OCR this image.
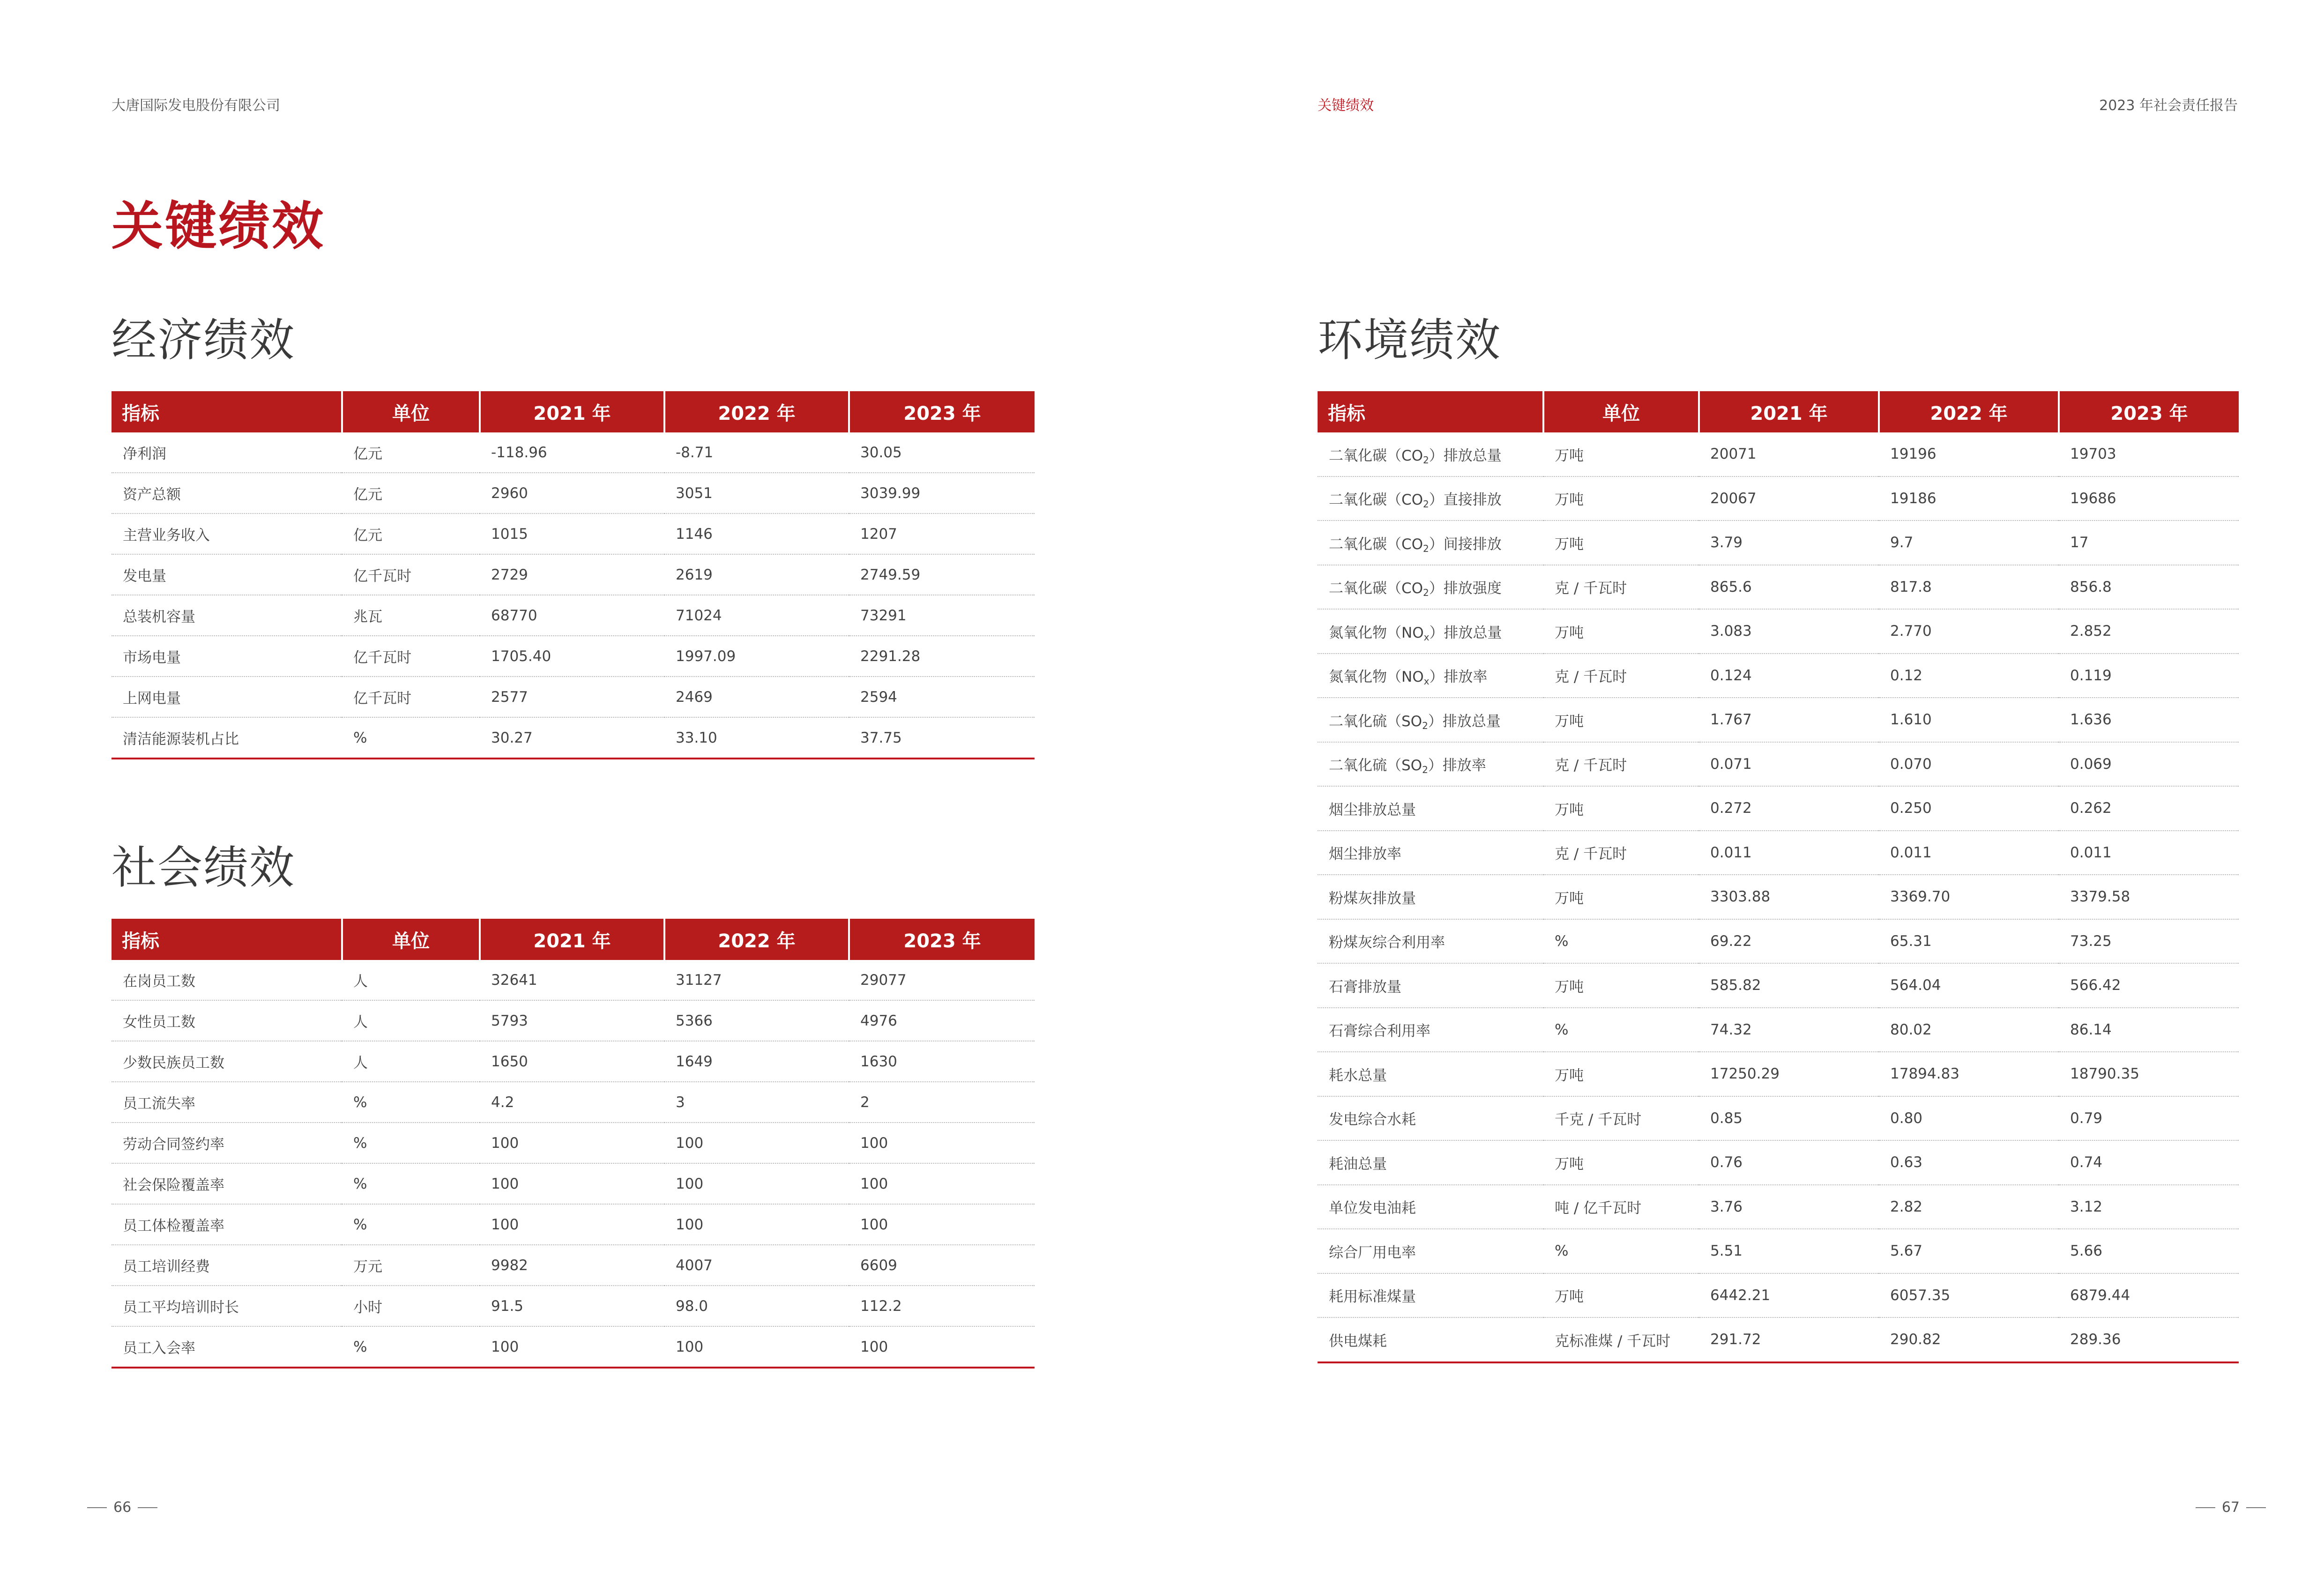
大唐国际发电股份有限公司	关键绩效	2023 年社会责任报告
关键绩效
经济绩效
社会绩效
环境绩效
指标	单位	2021 年	2022 年	2023 年
净利润	亿元	-118.96	-8.71	30.05
资产总额	亿元	2960	3051	3039.99
主营业务收入	亿元	1015	1146	1207
发电量	亿千瓦时	2729	2619	2749.59
总装机容量	兆瓦	68770	71024	73291
市场电量	亿千瓦时	1705.40	1997.09	2291.28
上网电量	亿千瓦时	2577	2469	2594
清洁能源装机占比	%	30.27	33.10	37.75
指标	单位	2021 年	2022 年	2023 年
在岗员工数	人	32641	31127	29077
女性员工数	人	5793	5366	4976
少数民族员工数	人	1650	1649	1630
员工流失率	%	4.2	3	2
劳动合同签约率	%	100	100	100
社会保险覆盖率	%	100	100	100
员工体检覆盖率	%	100	100	100
员工培训经费	万元	9982	4007	6609
员工平均培训时长	小时	91.5	98.0	112.2
员工入会率	%	100	100	100
指标	单位	2021 年	2022 年	2023 年
二氧化碳$(CO_2)$排放总量	万吨	20071	19196	19703
二氧化碳$(CO_2)$直接排放	万吨	20067	19186	19686
二氧化碳$(CO_2)$间接排放	万吨	3.79	9.7	17
二氧化碳$(CO_2)$排放强度	克 / 千瓦时	865.6	817.8	856.8
氮氧化物$(NO_x)$排放总量	万吨	3.083	2.770	2.852
氮氧化物$(NO_x)$排放率	克 / 千瓦时	0.124	0.12	0.119
二氧化硫$(SO_2)$排放总量	万吨	1.767	1.610	1.636
二氧化硫$(SO_2)$排放率	克 / 千瓦时	0.071	0.070	0.069
烟尘排放总量	万吨	0.272	0.250	0.262
烟尘排放率	克 / 千瓦时	0.011	0.011	0.011
粉煤灰排放量	万吨	3303.88	3369.70	3379.58
粉煤灰综合利用率	%	69.22	65.31	73.25
石膏排放量	万吨	585.82	564.04	566.42
石膏综合利用率	%	74.32	80.02	86.14
耗水总量	万吨	17250.29	17894.83	18790.35
发电综合水耗	千克 / 千瓦时	0.85	0.80	0.79
耗油总量	万吨	0.76	0.63	0.74
单位发电油耗	吨 / 亿千瓦时	3.76	2.82	3.12
综合厂用电率	%	5.51	5.67	5.66
耗用标准煤量	万吨	6442.21	6057.35	6879.44
供电煤耗	克标准煤 / 千瓦时	291.72	290.82	289.36
66	67
